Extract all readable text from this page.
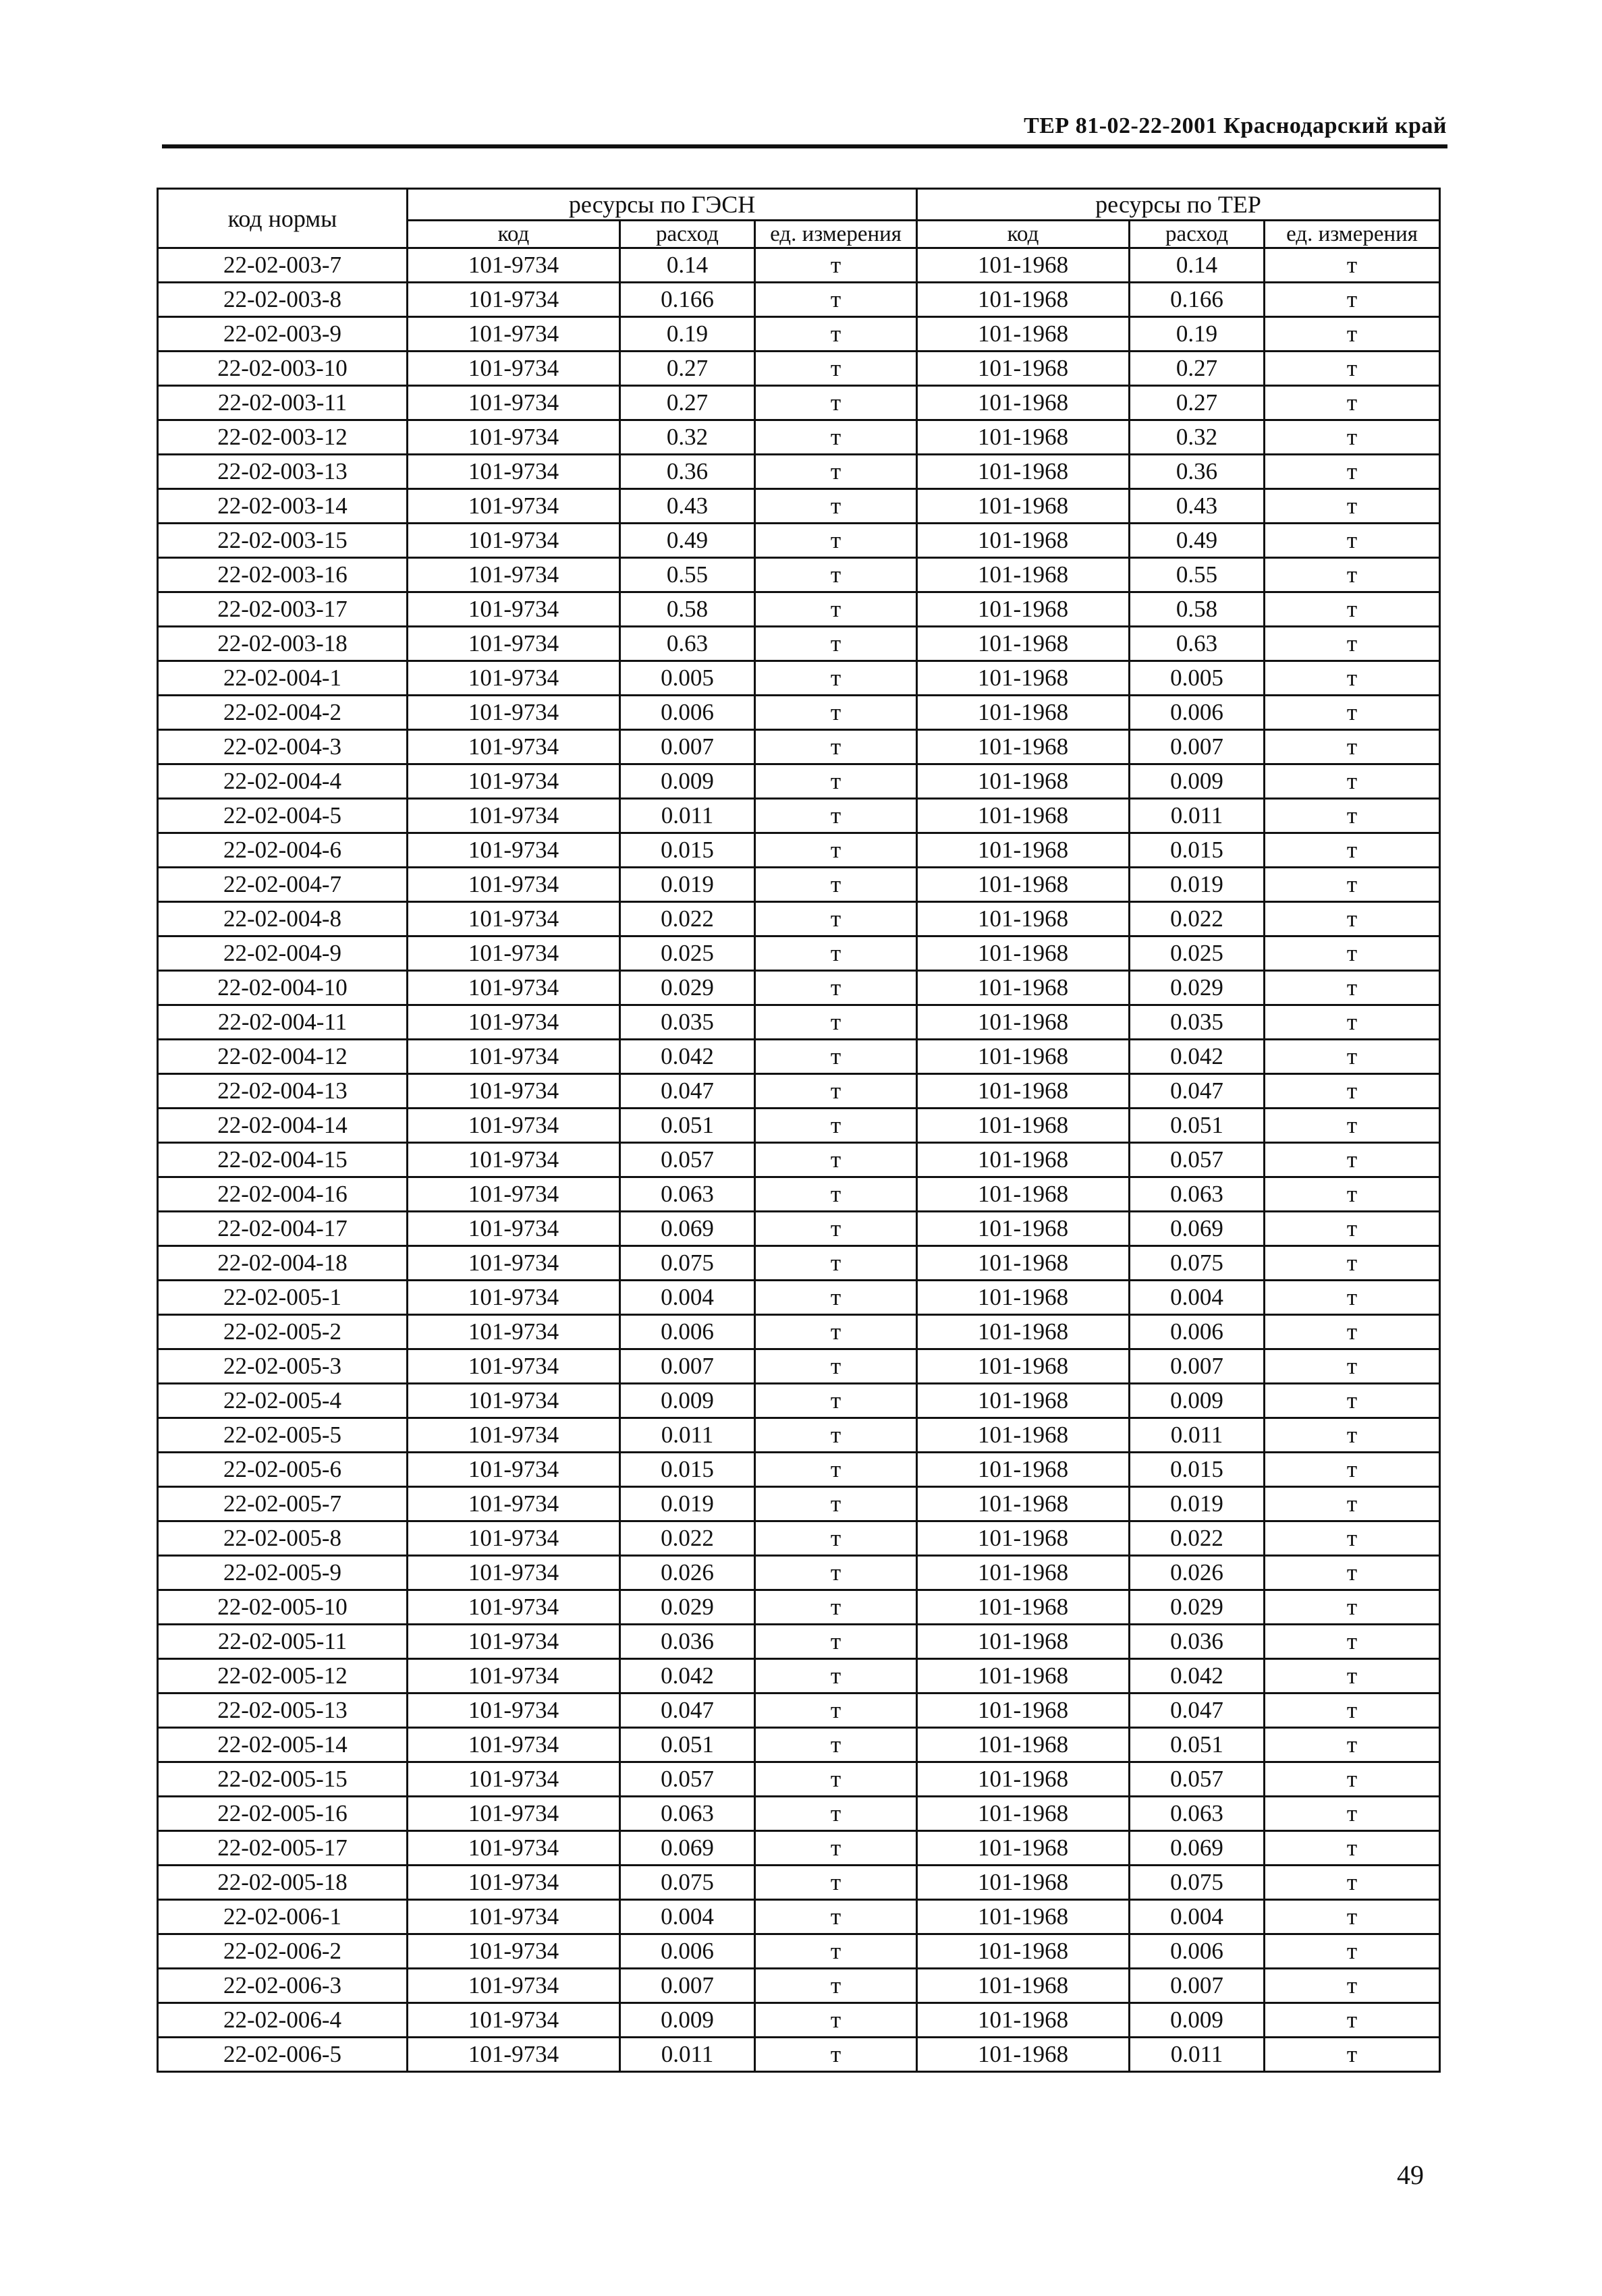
ТЕР 81-02-22-2001 Краснодарский край
код нормы	ресурсы по ГЭСН			ресурсы по ТЕР		
	код	расход	ед. измерения	код	расход	ед. измерения
22-02-003-7	101-9734	0.14	т	101-1968	0.14	т
22-02-003-8	101-9734	0.166	т	101-1968	0.166	т
22-02-003-9	101-9734	0.19	т	101-1968	0.19	т
22-02-003-10	101-9734	0.27	т	101-1968	0.27	т
22-02-003-11	101-9734	0.27	т	101-1968	0.27	т
22-02-003-12	101-9734	0.32	т	101-1968	0.32	т
22-02-003-13	101-9734	0.36	т	101-1968	0.36	т
22-02-003-14	101-9734	0.43	т	101-1968	0.43	т
22-02-003-15	101-9734	0.49	т	101-1968	0.49	т
22-02-003-16	101-9734	0.55	т	101-1968	0.55	т
22-02-003-17	101-9734	0.58	т	101-1968	0.58	т
22-02-003-18	101-9734	0.63	т	101-1968	0.63	т
22-02-004-1	101-9734	0.005	т	101-1968	0.005	т
22-02-004-2	101-9734	0.006	т	101-1968	0.006	т
22-02-004-3	101-9734	0.007	т	101-1968	0.007	т
22-02-004-4	101-9734	0.009	т	101-1968	0.009	т
22-02-004-5	101-9734	0.011	т	101-1968	0.011	т
22-02-004-6	101-9734	0.015	т	101-1968	0.015	т
22-02-004-7	101-9734	0.019	т	101-1968	0.019	т
22-02-004-8	101-9734	0.022	т	101-1968	0.022	т
22-02-004-9	101-9734	0.025	т	101-1968	0.025	т
22-02-004-10	101-9734	0.029	т	101-1968	0.029	т
22-02-004-11	101-9734	0.035	т	101-1968	0.035	т
22-02-004-12	101-9734	0.042	т	101-1968	0.042	т
22-02-004-13	101-9734	0.047	т	101-1968	0.047	т
22-02-004-14	101-9734	0.051	т	101-1968	0.051	т
22-02-004-15	101-9734	0.057	т	101-1968	0.057	т
22-02-004-16	101-9734	0.063	т	101-1968	0.063	т
22-02-004-17	101-9734	0.069	т	101-1968	0.069	т
22-02-004-18	101-9734	0.075	т	101-1968	0.075	т
22-02-005-1	101-9734	0.004	т	101-1968	0.004	т
22-02-005-2	101-9734	0.006	т	101-1968	0.006	т
22-02-005-3	101-9734	0.007	т	101-1968	0.007	т
22-02-005-4	101-9734	0.009	т	101-1968	0.009	т
22-02-005-5	101-9734	0.011	т	101-1968	0.011	т
22-02-005-6	101-9734	0.015	т	101-1968	0.015	т
22-02-005-7	101-9734	0.019	т	101-1968	0.019	т
22-02-005-8	101-9734	0.022	т	101-1968	0.022	т
22-02-005-9	101-9734	0.026	т	101-1968	0.026	т
22-02-005-10	101-9734	0.029	т	101-1968	0.029	т
22-02-005-11	101-9734	0.036	т	101-1968	0.036	т
22-02-005-12	101-9734	0.042	т	101-1968	0.042	т
22-02-005-13	101-9734	0.047	т	101-1968	0.047	т
22-02-005-14	101-9734	0.051	т	101-1968	0.051	т
22-02-005-15	101-9734	0.057	т	101-1968	0.057	т
22-02-005-16	101-9734	0.063	т	101-1968	0.063	т
22-02-005-17	101-9734	0.069	т	101-1968	0.069	т
22-02-005-18	101-9734	0.075	т	101-1968	0.075	т
22-02-006-1	101-9734	0.004	т	101-1968	0.004	т
22-02-006-2	101-9734	0.006	т	101-1968	0.006	т
22-02-006-3	101-9734	0.007	т	101-1968	0.007	т
22-02-006-4	101-9734	0.009	т	101-1968	0.009	т
22-02-006-5	101-9734	0.011	т	101-1968	0.011	т
49
